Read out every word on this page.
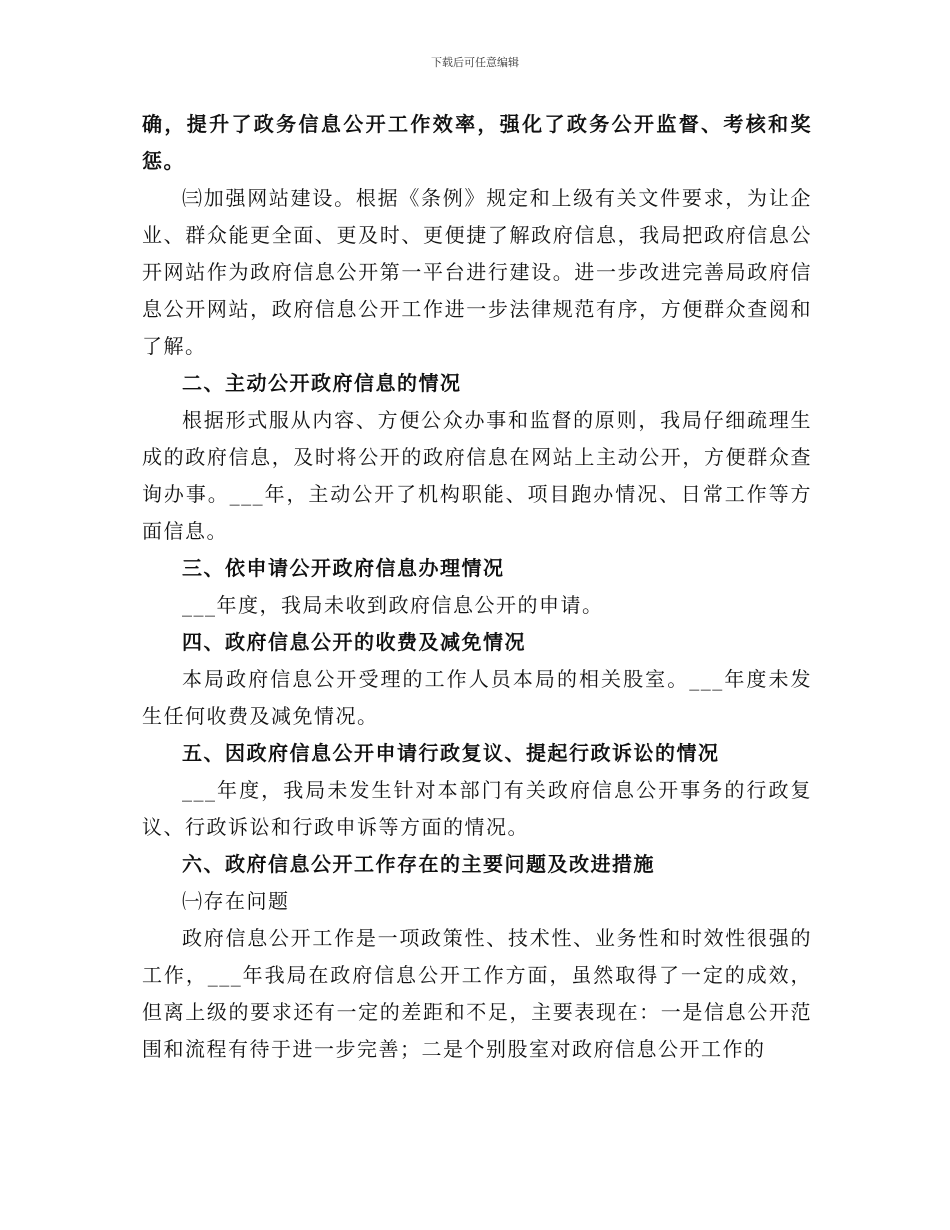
下载后可任意编辑

确，提升了政务信息公开工作效率，强化了政务公开监督、考核和奖惩。

㈢加强网站建设。根据《条例》规定和上级有关文件要求，为让企业、群众能更全面、更及时、更便捷了解政府信息，我局把政府信息公开网站作为政府信息公开第一平台进行建设。进一步改进完善局政府信息公开网站，政府信息公开工作进一步法律规范有序，方便群众查阅和了解。

二、主动公开政府信息的情况

根据形式服从内容、方便公众办事和监督的原则，我局仔细疏理生成的政府信息，及时将公开的政府信息在网站上主动公开，方便群众查询办事。___年，主动公开了机构职能、项目跑办情况、日常工作等方面信息。

三、依申请公开政府信息办理情况

___年度，我局未收到政府信息公开的申请。

四、政府信息公开的收费及减免情况

本局政府信息公开受理的工作人员本局的相关股室。___年度未发生任何收费及减免情况。

五、因政府信息公开申请行政复议、提起行政诉讼的情况

___年度，我局未发生针对本部门有关政府信息公开事务的行政复议、行政诉讼和行政申诉等方面的情况。

六、政府信息公开工作存在的主要问题及改进措施

㈠存在问题

政府信息公开工作是一项政策性、技术性、业务性和时效性很强的工作，___年我局在政府信息公开工作方面，虽然取得了一定的成效，但离上级的要求还有一定的差距和不足，主要表现在：一是信息公开范围和流程有待于进一步完善；二是个别股室对政府信息公开工作的
